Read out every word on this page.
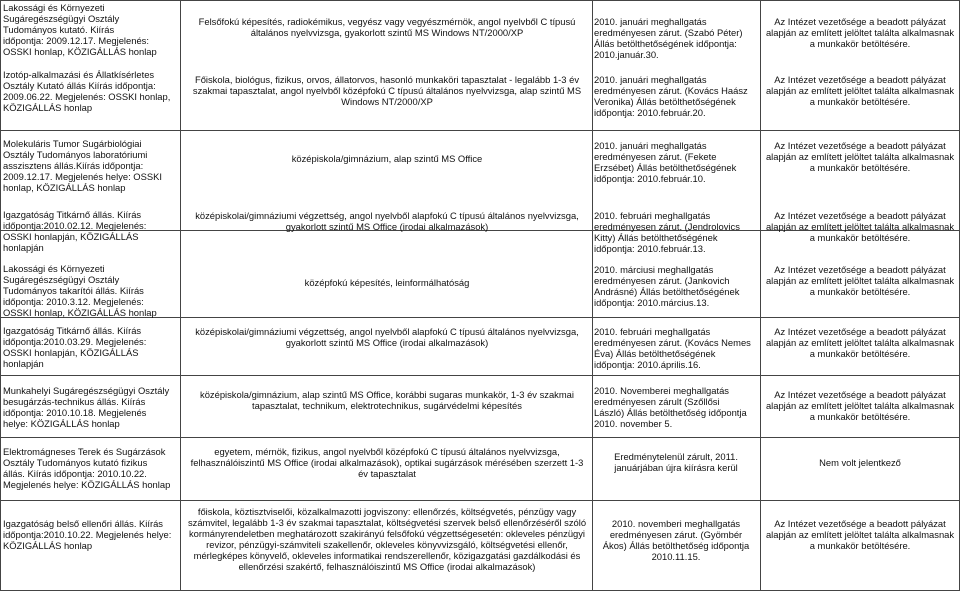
Lakossági és Környezeti
Sugáregészségügyi Osztály
Tudományos kutató. Kiírás
időpontja: 2009.12.17. Megjelenés:
OSSKI honlap, KÖZIGÁLLÁS honlap
Felsőfokú képesítés, radiokémikus, vegyész vagy vegyészmérnök, angol nyelvből C típusú
általános nyelvvizsga, gyakorlott szintű MS Windows NT/2000/XP
2010. januári meghallgatás
eredményesen zárut. (Szabó Péter)
Állás betölthetőségének időpontja:
2010.január.30.
Az Intézet vezetősége a beadott pályázat
alapján az említett jelöltet találta alkalmasnak
a munkakör betöltésére.
Izotóp-alkalmazási és Állatkísérletes
Osztály Kutató állás Kiírás időpontja:
2009.06.22. Megjelenés: OSSKI honlap,
KÖZIGÁLLÁS honlap
Főiskola, biológus, fizikus, orvos, állatorvos, hasonló munkaköri tapasztalat - legalább 1-3 év
szakmai tapasztalat, angol nyelvből középfokú C típusú általános nyelvvizsga, alap szintű MS
Windows NT/2000/XP
2010. januári meghallgatás
eredményesen zárut. (Kovács Haász
Veronika) Állás betölthetőségének
időpontja: 2010.február.20.
Az Intézet vezetősége a beadott pályázat
alapján az említett jelöltet találta alkalmasnak
a munkakör betöltésére.
Molekuláris Tumor Sugárbiológiai
Osztály Tudományos laboratóriumi
asszisztens állás.Kiírás időpontja:
2009.12.17. Megjelenés helye: OSSKI
honlap, KÖZIGÁLLÁS honlap
középiskola/gimnázium, alap szintű MS Office
2010. januári meghallgatás
eredményesen zárut. (Fekete
Erzsébet) Állás betölthetőségének
időpontja: 2010.február.10.
Az Intézet vezetősége a beadott pályázat
alapján az említett jelöltet találta alkalmasnak
a munkakör betöltésére.
Igazgatóság Titkárnő állás. Kiírás
időpontja:2010.02.12. Megjelenés:
OSSKI honlapján, KÖZIGÁLLÁS
honlapján
Lakossági és Környezeti
Sugáregészségügyi Osztály
Tudományos takarítói állás. Kiírás
időpontja: 2010.3.12. Megjelenés:
OSSKI honlap, KÖZIGÁLLÁS honlap
középiskolai/gimnáziumi végzettség, angol nyelvből alapfokú C típusú általános nyelvvizsga,
gyakorlott szintű MS Office (irodai alkalmazások)
középfokú képesítés, leinformálhatóság
2010. februári meghallgatás
eredményesen zárut. (Jendrolovics
Kitty) Állás betölthetőségének
időpontja: 2010.február.13.
2010. márciusi meghallgatás
eredményesen zárut. (Jankovich
Andrásné) Állás betölthetőségének
időpontja: 2010.március.13.
Az Intézet vezetősége a beadott pályázat
alapján az említett jelöltet találta alkalmasnak
a munkakör betöltésére.
Az Intézet vezetősége a beadott pályázat
alapján az említett jelöltet találta alkalmasnak
a munkakör betöltésére.
Igazgatóság Titkárnő állás. Kiírás
időpontja:2010.03.29. Megjelenés:
OSSKI honlapján, KÖZIGÁLLÁS
honlapján
középiskolai/gimnáziumi végzettség, angol nyelvből alapfokú C típusú általános nyelvvizsga,
gyakorlott szintű MS Office (irodai alkalmazások)
2010. februári meghallgatás
eredményesen zárut. (Kovács Nemes
Éva) Állás betölthetőségének
időpontja: 2010.április.16.
Az Intézet vezetősége a beadott pályázat
alapján az említett jelöltet találta alkalmasnak
a munkakör betöltésére.
Munkahelyi Sugáregészségügyi Osztály
besugárzás-technikus állás. Kiírás
időpontja: 2010.10.18. Megjelenés
helye: KÖZIGÁLLÁS honlap
középiskola/gimnázium, alap szintű MS Office, korábbi sugaras munkakör, 1-3 év szakmai
tapasztalat, technikum, elektrotechnikus, sugárvédelmi képesítés
2010. Novemberei meghallgatás
eredményesen zárult (Szőllősi
László) Állás betölthetőség időpontja
2010. november 5.
Az Intézet vezetősége a beadott pályázat
alapján az említett jelöltet találta alkalmasnak
a munkakör betöltésére.
Elektromágneses Terek és Sugárzások
Osztály Tudományos kutató fizikus
állás. Kiírás időpontja: 2010.10.22.
Megjelenés helye: KÖZIGÁLLÁS honlap
egyetem, mérnök, fizikus, angol nyelvből középfokú C típusú általános nyelvvizsga,
felhasználóiszintű MS Office (irodai alkalmazások), optikai sugárzások mérésében szerzett 1-3
év tapasztalat
Eredménytelenül zárult, 2011.
januárjában újra kiírásra kerül	Nem volt jelentkező
Igazgatóság belső ellenőri állás. Kiírás
időpontja:2010.10.22. Megjelenés helye:
KÖZIGÁLLÁS honlap
főiskola, köztisztviselői, közalkalmazotti jogviszony: ellenőrzés, költségvetés, pénzügy vagy
számvitel, legalább 1-3 év szakmai tapasztalat, költségvetési szervek belső ellenőrzéséről szóló
kormányrendeletben meghatározott szakirányú felsőfokú végzettségesetén: okleveles pénzügyi
revizor, pénzügyi-számviteli szakellenőr, okleveles könyvvizsgáló, költségvetési ellenőr,
mérlegképes könyvelő, okleveles informatikai rendszerellenőr, közigazgatási gazdálkodási és
ellenőrzési szakértő, felhasználóiszintű MS Office (irodai alkalmazások)
2010. novemberi meghallgatás
eredményesen zárut. (Gyömbér
Ákos) Állás betölthetőség időpontja
2010.11.15.
Az Intézet vezetősége a beadott pályázat
alapján az említett jelöltet találta alkalmasnak
a munkakör betöltésére.
